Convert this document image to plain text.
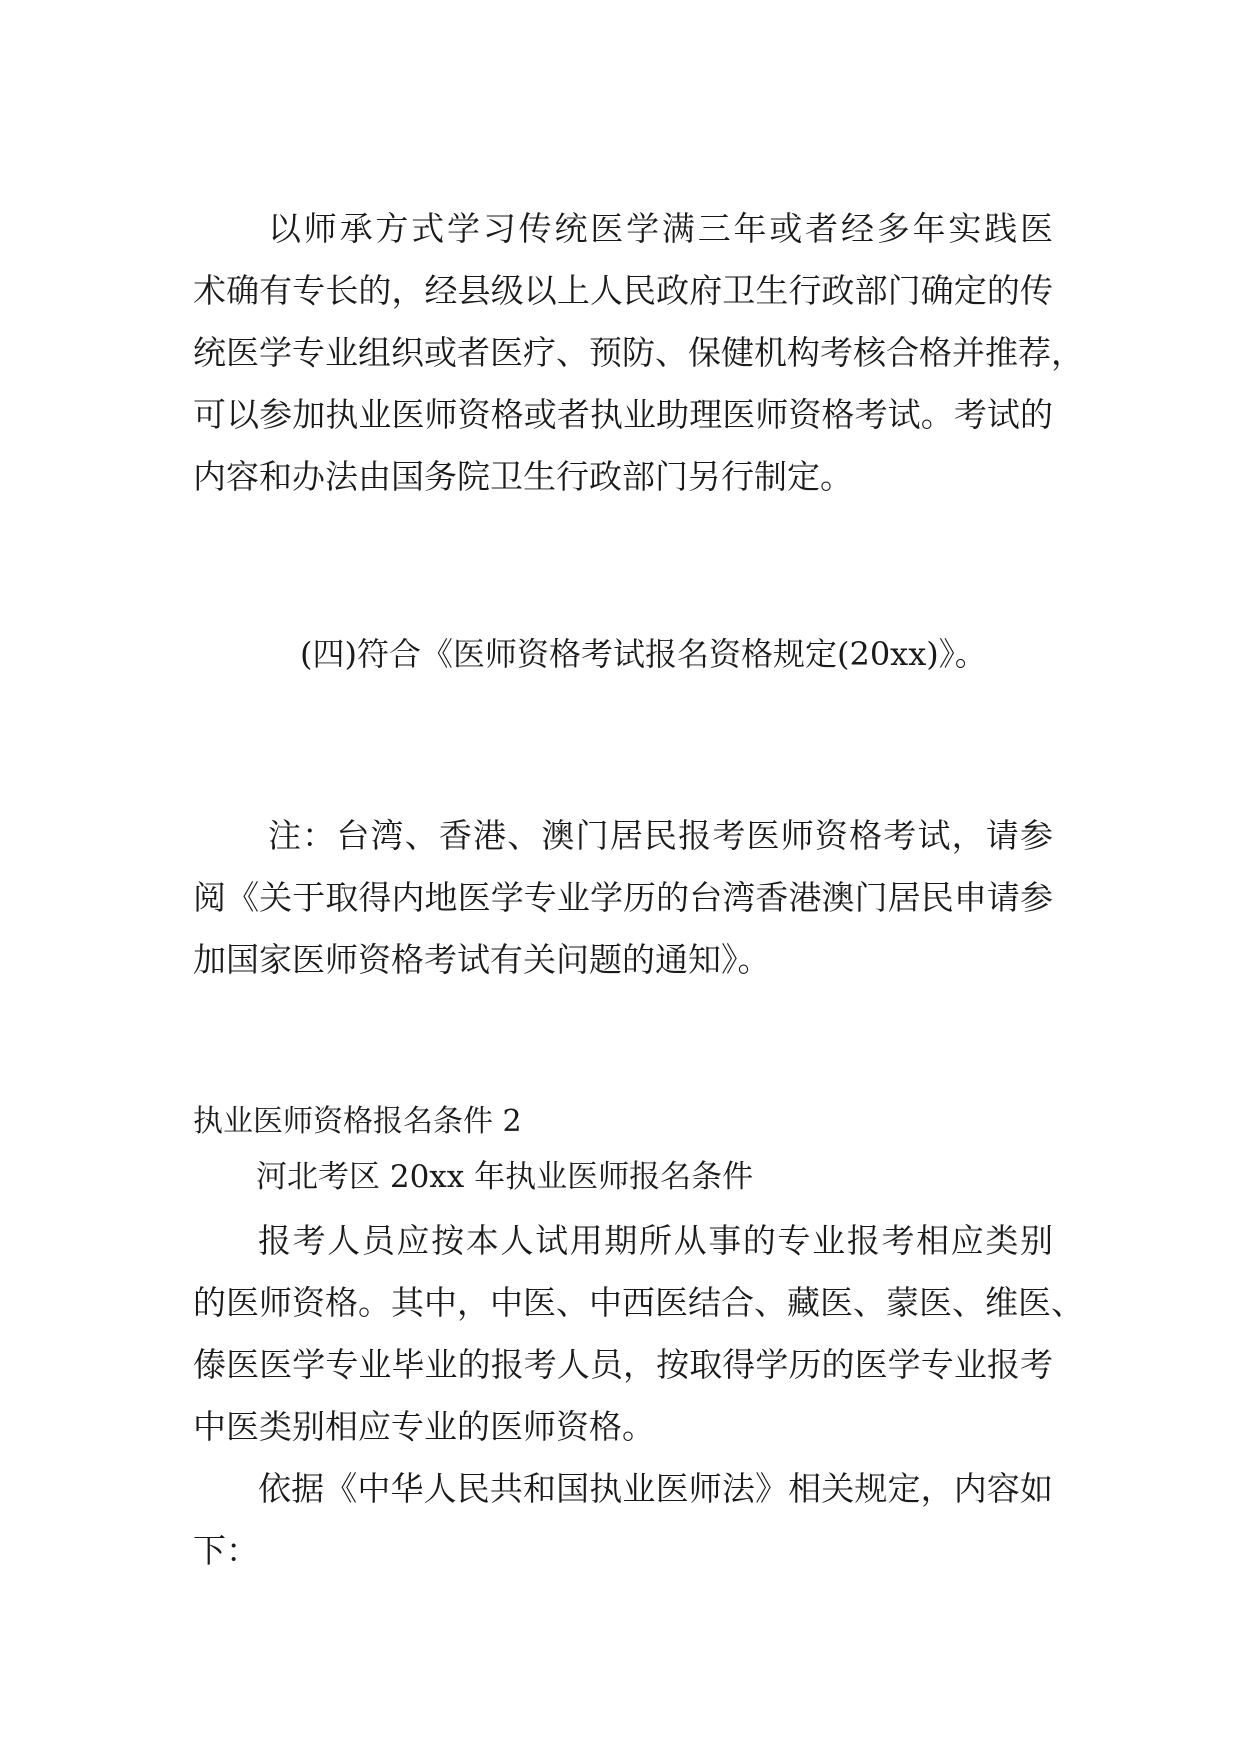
以师承方式学习传统医学满三年或者经多年实践医
术确有专长的，经县级以上人民政府卫生行政部门确定的传
统医学专业组织或者医疗、预防、保健机构考核合格并推荐，
可以参加执业医师资格或者执业助理医师资格考试。考试的
内容和办法由国务院卫生行政部门另行制定。
(四)符合《医师资格考试报名资格规定(20xx)》。
注：台湾、香港、澳门居民报考医师资格考试，请参
阅《关于取得内地医学专业学历的台湾香港澳门居民申请参
加国家医师资格考试有关问题的通知》。
执业医师资格报名条件 2
河北考区 20xx 年执业医师报名条件
报考人员应按本人试用期所从事的专业报考相应类别
的医师资格。其中，中医、中西医结合、藏医、蒙医、维医、
傣医医学专业毕业的报考人员，按取得学历的医学专业报考
中医类别相应专业的医师资格。
依据《中华人民共和国执业医师法》相关规定，内容如
下：
